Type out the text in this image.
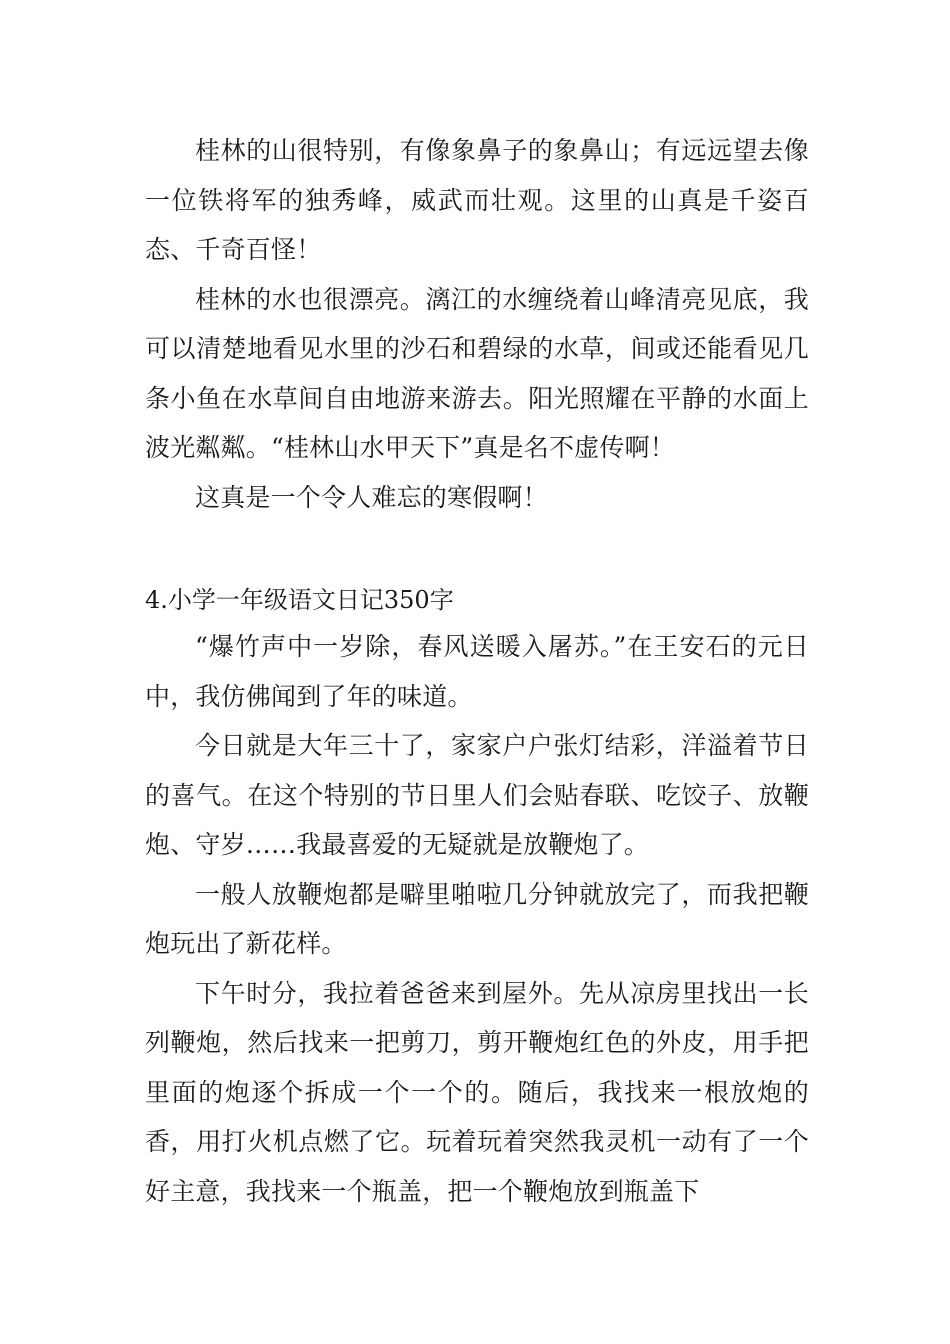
桂林的山很特别，有像象鼻子的象鼻山；有远远望去像一位铁将军的独秀峰，威武而壮观。这里的山真是千姿百态、千奇百怪！

桂林的水也很漂亮。漓江的水缠绕着山峰清亮见底，我可以清楚地看见水里的沙石和碧绿的水草，间或还能看见几条小鱼在水草间自由地游来游去。阳光照耀在平静的水面上波光粼粼。“桂林山水甲天下”真是名不虚传啊！

这真是一个令人难忘的寒假啊！

4.小学一年级语文日记350字

“爆竹声中一岁除，春风送暖入屠苏。”在王安石的元日中，我仿佛闻到了年的味道。

今日就是大年三十了，家家户户张灯结彩，洋溢着节日的喜气。在这个特别的节日里人们会贴春联、吃饺子、放鞭炮、守岁……我最喜爱的无疑就是放鞭炮了。

一般人放鞭炮都是噼里啪啦几分钟就放完了，而我把鞭炮玩出了新花样。

下午时分，我拉着爸爸来到屋外。先从凉房里找出一长列鞭炮，然后找来一把剪刀，剪开鞭炮红色的外皮，用手把里面的炮逐个拆成一个一个的。随后，我找来一根放炮的香，用打火机点燃了它。玩着玩着突然我灵机一动有了一个好主意，我找来一个瓶盖，把一个鞭炮放到瓶盖下
